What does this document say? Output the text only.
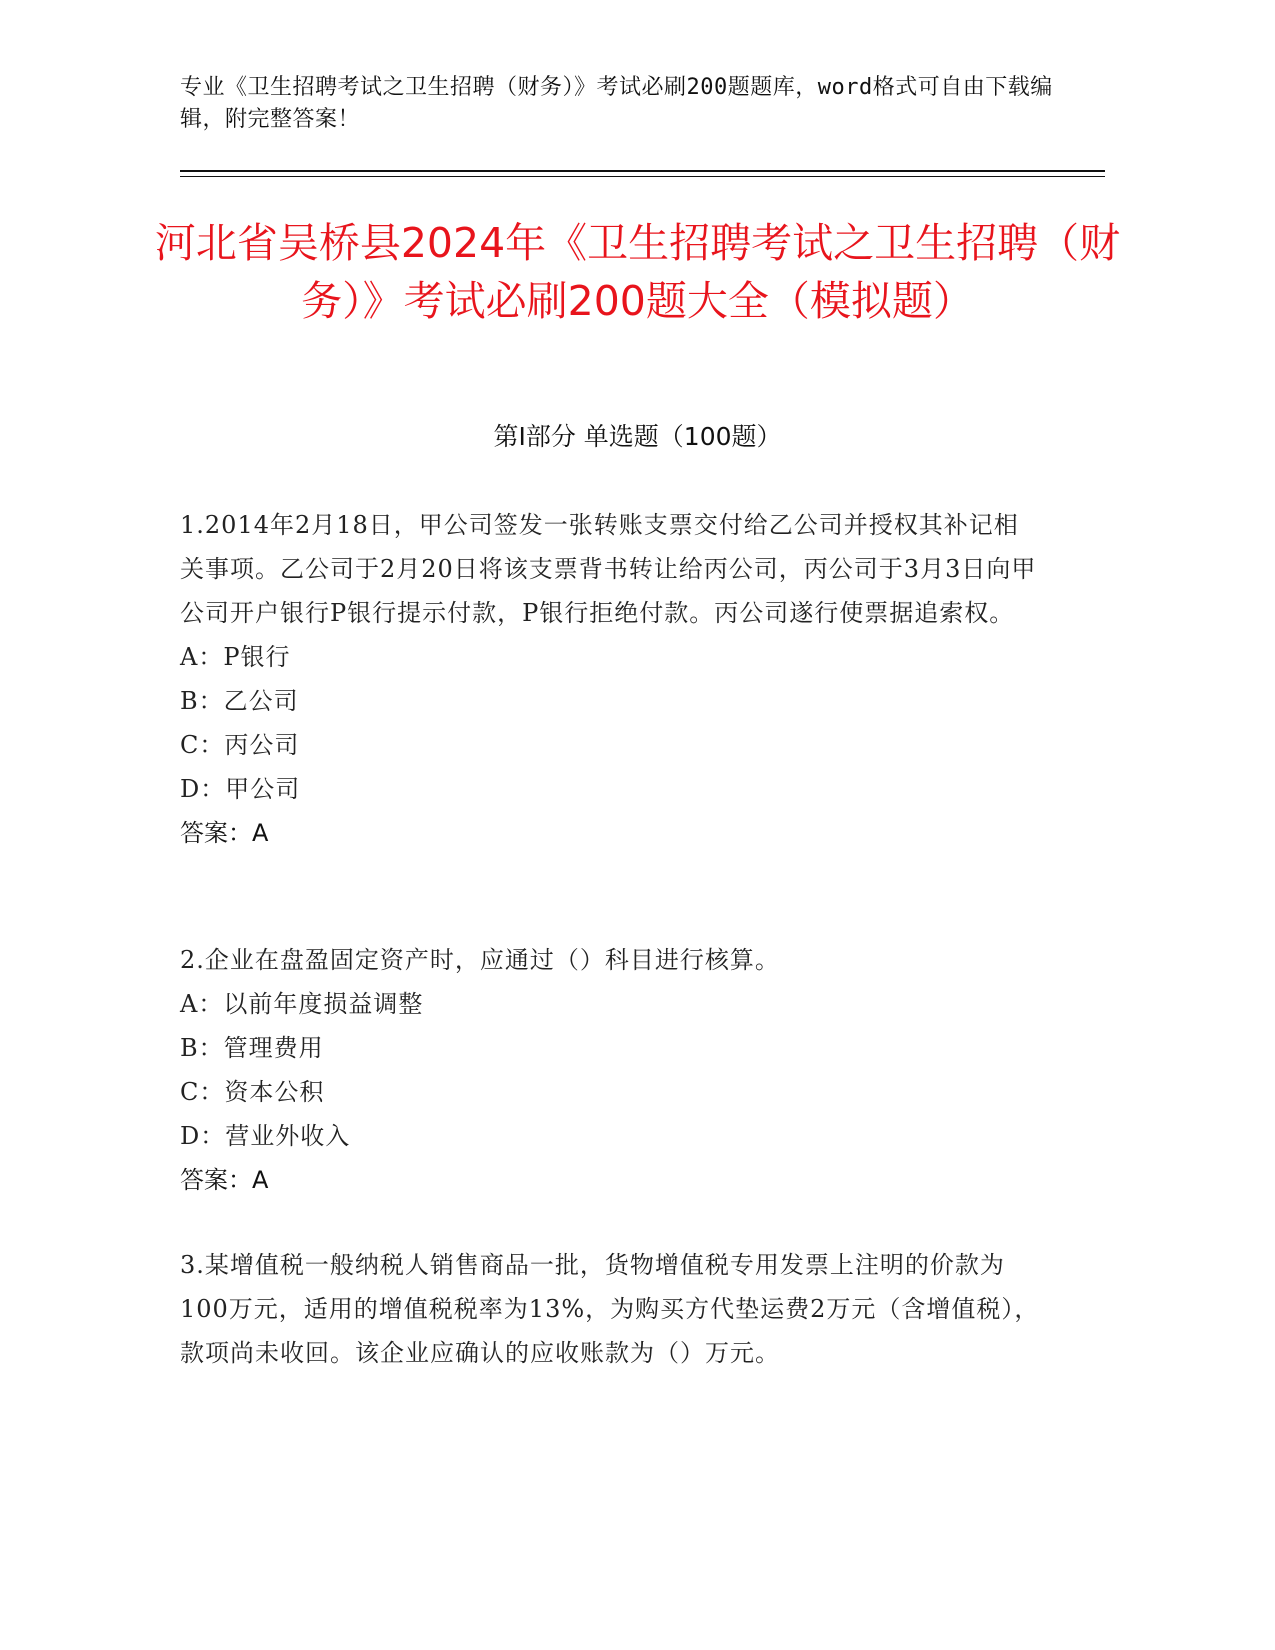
专业《卫生招聘考试之卫生招聘（财务）》考试必刷200题题库，word格式可自由下载编辑，附完整答案！
河北省吴桥县2024年《卫生招聘考试之卫生招聘（财务）》考试必刷200题大全（模拟题）
第Ⅰ部分 单选题（100题）

1.2014年2月18日，甲公司签发一张转账支票交付给乙公司并授权其补记相关事项。乙公司于2月20日将该支票背书转让给丙公司，丙公司于3月3日向甲公司开户银行P银行提示付款，P银行拒绝付款。丙公司遂行使票据追索权。

A：P银行

B：乙公司

C：丙公司

D：甲公司

答案：A

2.企业在盘盈固定资产时，应通过（）科目进行核算。

A：以前年度损益调整

B：管理费用

C：资本公积

D：营业外收入

答案：A

3.某增值税一般纳税人销售商品一批，货物增值税专用发票上注明的价款为100万元，适用的增值税税率为13%，为购买方代垫运费2万元（含增值税），款项尚未收回。该企业应确认的应收账款为（）万元。
